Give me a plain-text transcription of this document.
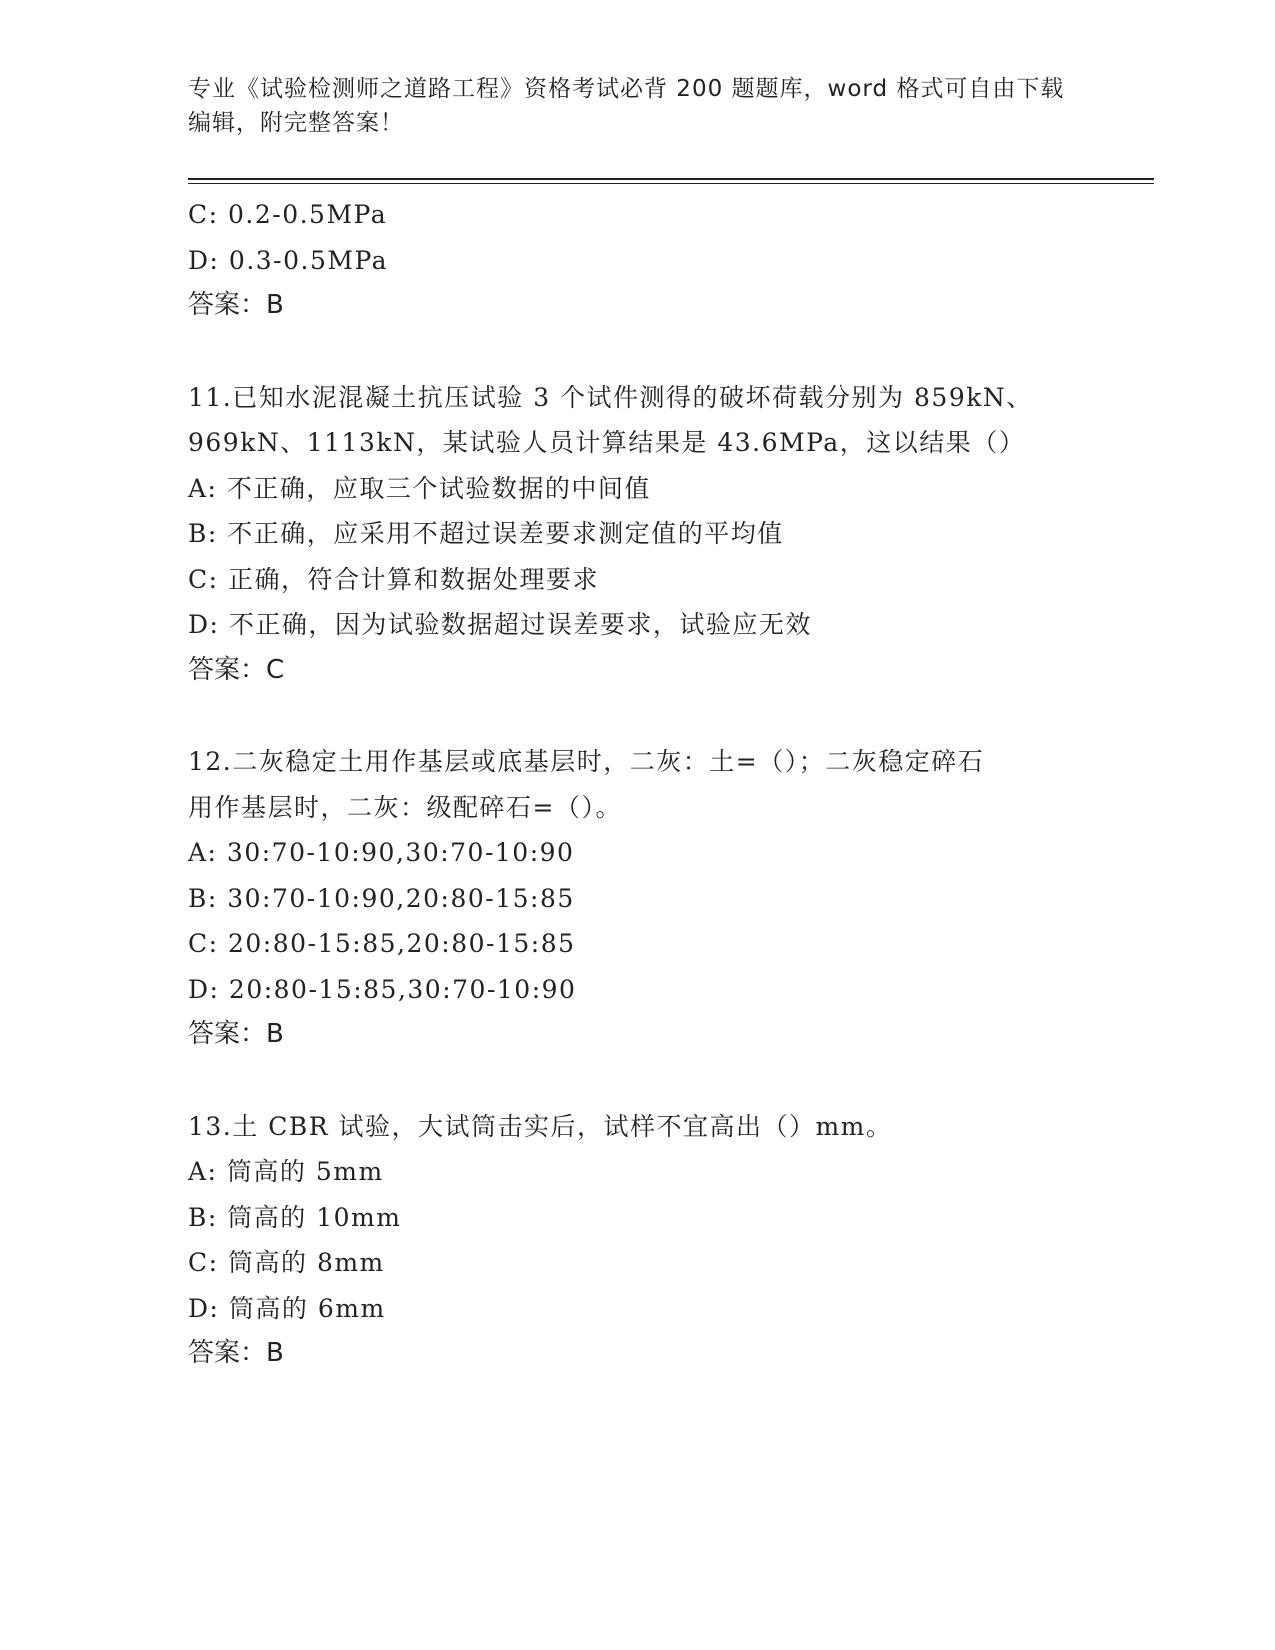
专业《试验检测师之道路工程》资格考试必背 200 题题库，word 格式可自由下载
编辑，附完整答案！
C: 0.2-0.5MPa
D: 0.3-0.5MPa
答案：B
11.已知水泥混凝土抗压试验 3 个试件测得的破坏荷载分别为 859kN、
969kN、1113kN，某试验人员计算结果是 43.6MPa，这以结果（）
A: 不正确，应取三个试验数据的中间值
B: 不正确，应采用不超过误差要求测定值的平均值
C: 正确，符合计算和数据处理要求
D: 不正确，因为试验数据超过误差要求，试验应无效
答案：C
12.二灰稳定土用作基层或底基层时，二灰：土=（）；二灰稳定碎石
用作基层时，二灰：级配碎石=（）。
A: 30:70-10:90,30:70-10:90
B: 30:70-10:90,20:80-15:85
C: 20:80-15:85,20:80-15:85
D: 20:80-15:85,30:70-10:90
答案：B
13.土 CBR 试验，大试筒击实后，试样不宜高出（）mm。
A: 筒高的 5mm
B: 筒高的 10mm
C: 筒高的 8mm
D: 筒高的 6mm
答案：B
